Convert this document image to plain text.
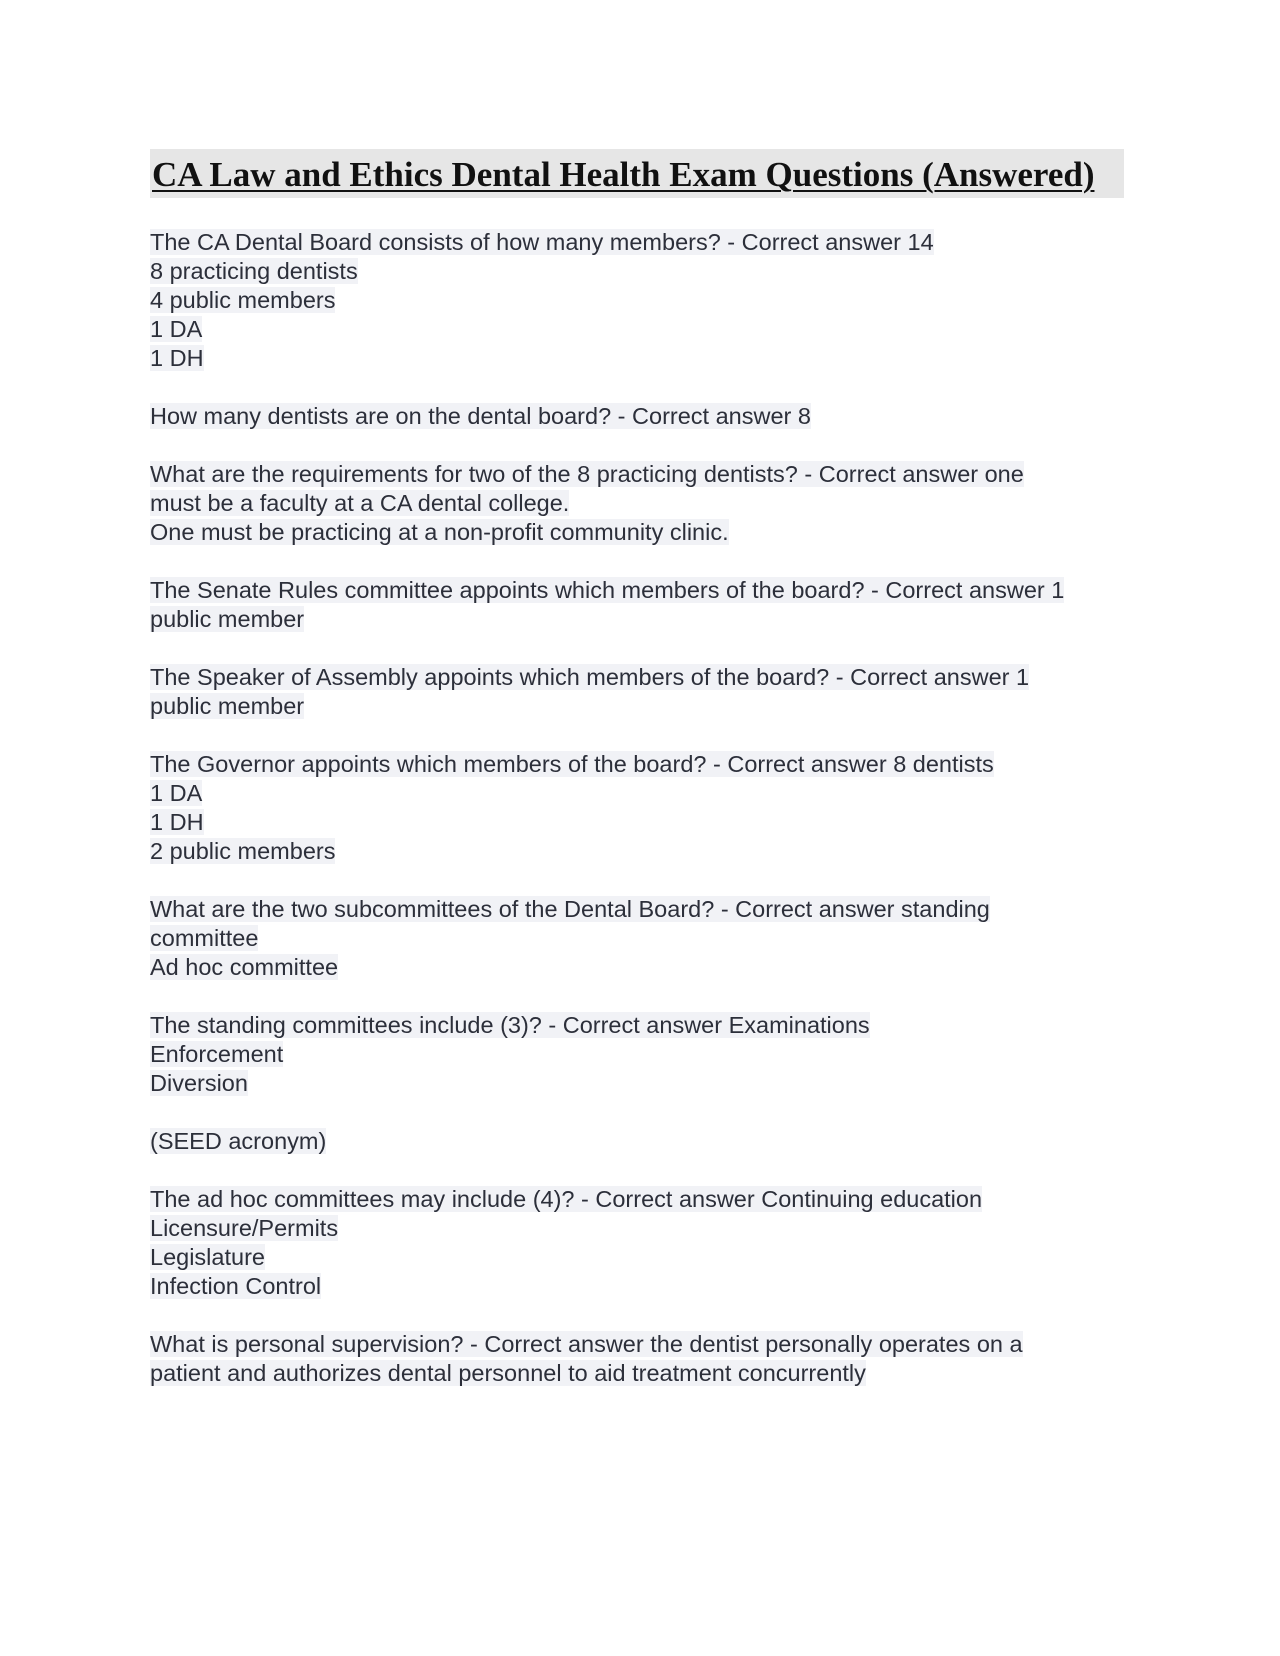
CA Law and Ethics Dental Health Exam Questions (Answered)
The CA Dental Board consists of how many members? - Correct answer 14
8 practicing dentists
4 public members
1 DA
1 DH
How many dentists are on the dental board? - Correct answer 8
What are the requirements for two of the 8 practicing dentists? - Correct answer one
must be a faculty at a CA dental college.
One must be practicing at a non-profit community clinic.
The Senate Rules committee appoints which members of the board? - Correct answer 1
public member
The Speaker of Assembly appoints which members of the board? - Correct answer 1
public member
The Governor appoints which members of the board? - Correct answer 8 dentists
1 DA
1 DH
2 public members
What are the two subcommittees of the Dental Board? - Correct answer standing
committee
Ad hoc committee
The standing committees include (3)? - Correct answer Examinations
Enforcement
Diversion
(SEED acronym)
The ad hoc committees may include (4)? - Correct answer Continuing education
Licensure/Permits
Legislature
Infection Control
What is personal supervision? - Correct answer the dentist personally operates on a
patient and authorizes dental personnel to aid treatment concurrently
